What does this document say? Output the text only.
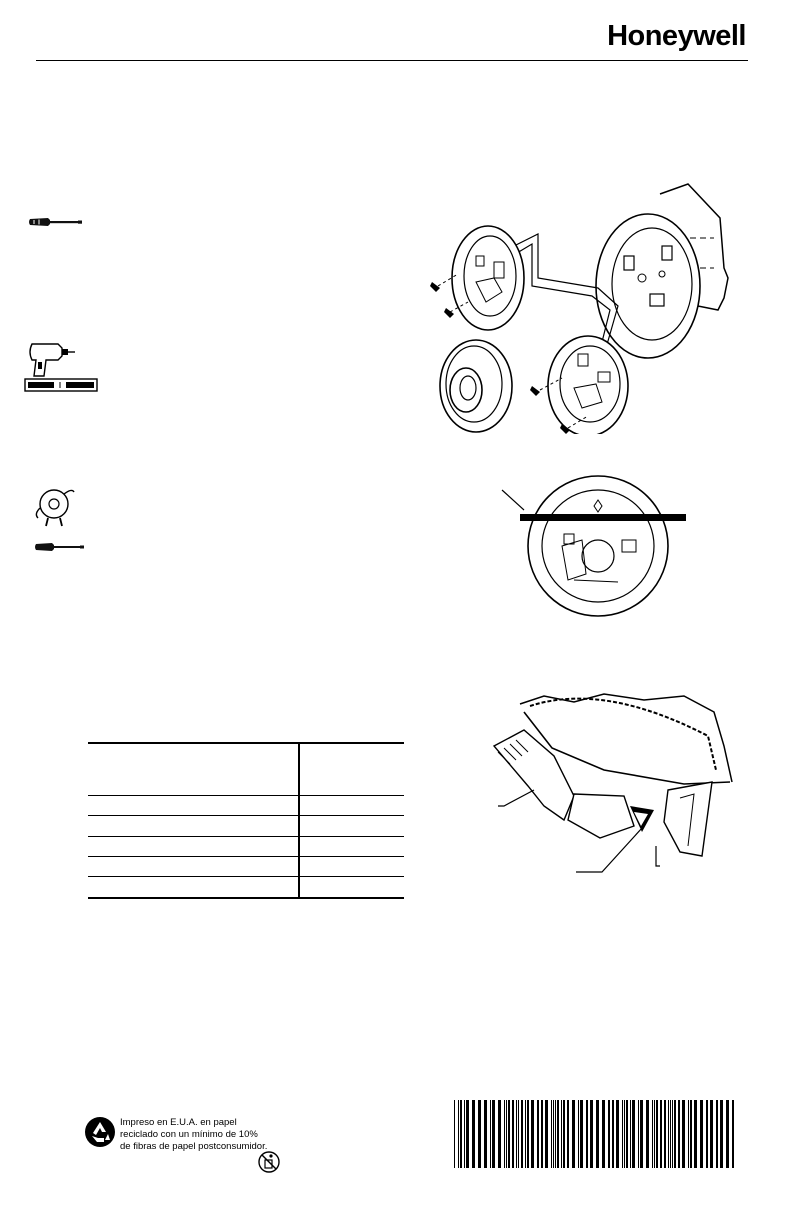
Honeywell
Impreso en E.U.A. en papel
reciclado con un mínimo de 10%
de fibras de papel postconsumidor.
